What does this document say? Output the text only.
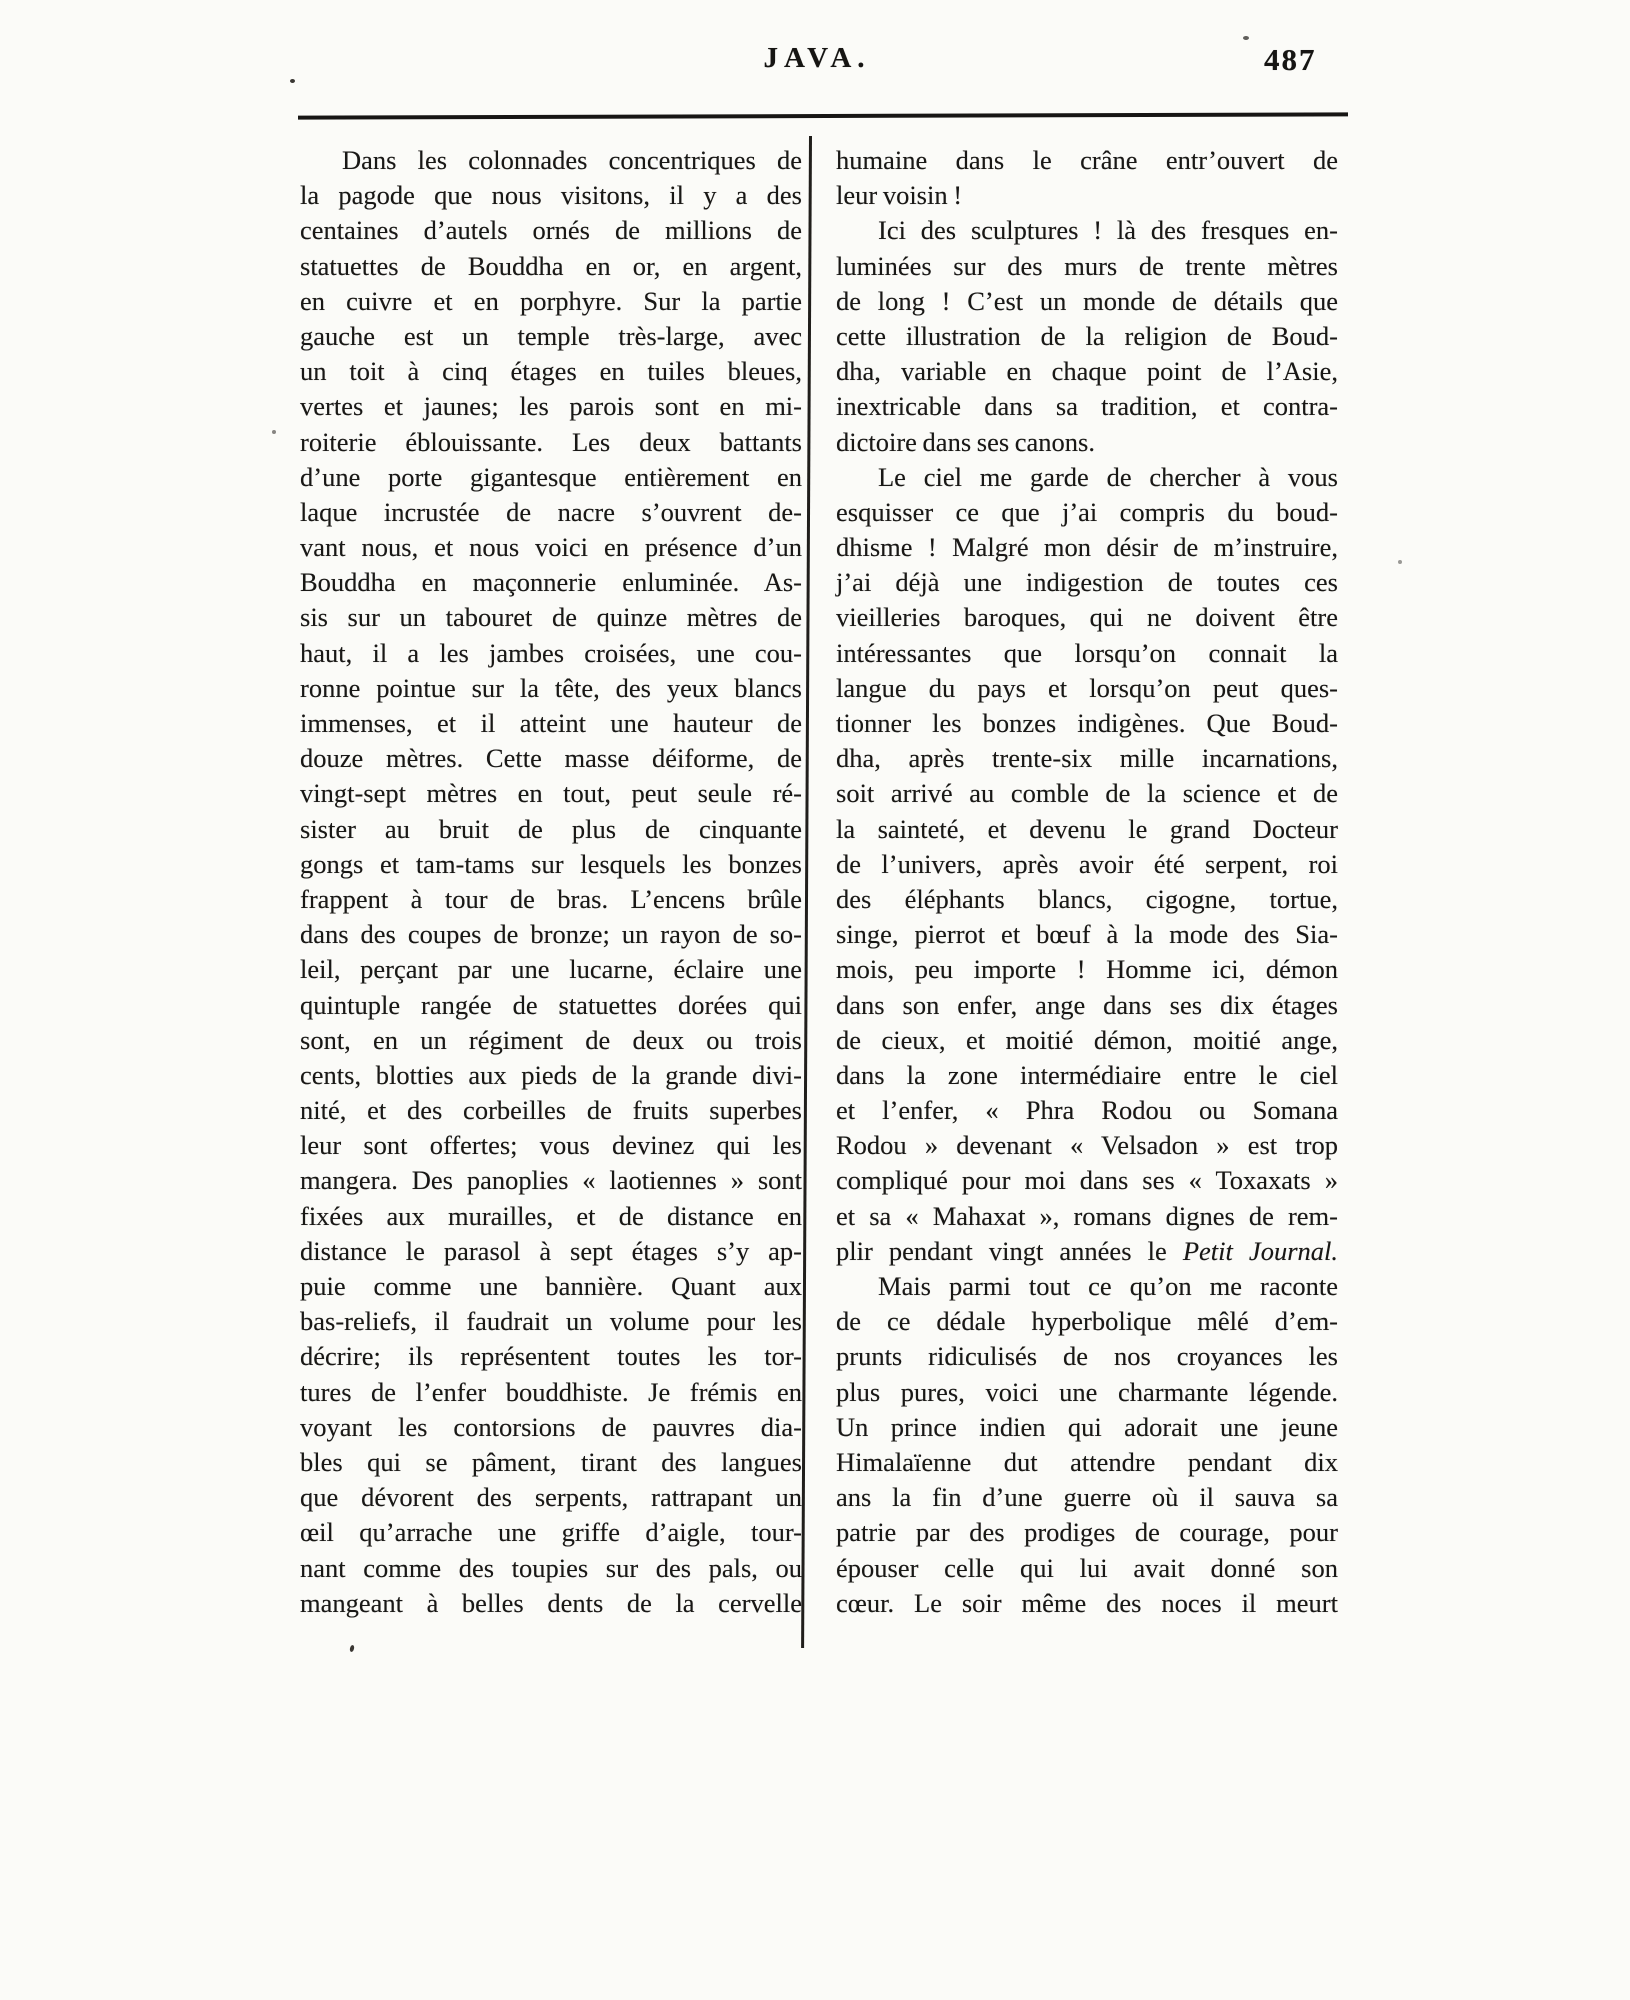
JAVA.	487
Dans les colonnades concentriques de
la pagode que nous visitons, il y a des
centaines d’autels ornés de millions de
statuettes de Bouddha en or, en argent,
en cuivre et en porphyre. Sur la partie
gauche est un temple très-large, avec
un toit à cinq étages en tuiles bleues,
vertes et jaunes; les parois sont en mi-
roiterie éblouissante. Les deux battants
d’une porte gigantesque entièrement en
laque incrustée de nacre s’ouvrent de-
vant nous, et nous voici en présence d’un
Bouddha en maçonnerie enluminée. As-
sis sur un tabouret de quinze mètres de
haut, il a les jambes croisées, une cou-
ronne pointue sur la tête, des yeux blancs
immenses, et il atteint une hauteur de
douze mètres. Cette masse déiforme, de
vingt-sept mètres en tout, peut seule ré-
sister au bruit de plus de cinquante
gongs et tam-tams sur lesquels les bonzes
frappent à tour de bras. L’encens brûle
dans des coupes de bronze; un rayon de so-
leil, perçant par une lucarne, éclaire une
quintuple rangée de statuettes dorées qui
sont, en un régiment de deux ou trois
cents, blotties aux pieds de la grande divi-
nité, et des corbeilles de fruits superbes
leur sont offertes; vous devinez qui les
mangera. Des panoplies « laotiennes » sont
fixées aux murailles, et de distance en
distance le parasol à sept étages s’y ap-
puie comme une bannière. Quant aux
bas-reliefs, il faudrait un volume pour les
décrire; ils représentent toutes les tor-
tures de l’enfer bouddhiste. Je frémis en
voyant les contorsions de pauvres dia-
bles qui se pâment, tirant des langues
que dévorent des serpents, rattrapant un
œil qu’arrache une griffe d’aigle, tour-
nant comme des toupies sur des pals, ou
mangeant à belles dents de la cervelle
humaine dans le crâne entr’ouvert de
leur voisin !
Ici des sculptures ! là des fresques en-
luminées sur des murs de trente mètres
de long ! C’est un monde de détails que
cette illustration de la religion de Boud-
dha, variable en chaque point de l’Asie,
inextricable dans sa tradition, et contra-
dictoire dans ses canons.
Le ciel me garde de chercher à vous
esquisser ce que j’ai compris du boud-
dhisme ! Malgré mon désir de m’instruire,
j’ai déjà une indigestion de toutes ces
vieilleries baroques, qui ne doivent être
intéressantes que lorsqu’on connait la
langue du pays et lorsqu’on peut ques-
tionner les bonzes indigènes. Que Boud-
dha, après trente-six mille incarnations,
soit arrivé au comble de la science et de
la sainteté, et devenu le grand Docteur
de l’univers, après avoir été serpent, roi
des éléphants blancs, cigogne, tortue,
singe, pierrot et bœuf à la mode des Sia-
mois, peu importe ! Homme ici, démon
dans son enfer, ange dans ses dix étages
de cieux, et moitié démon, moitié ange,
dans la zone intermédiaire entre le ciel
et l’enfer, « Phra Rodou ou Somana
Rodou » devenant « Velsadon » est trop
compliqué pour moi dans ses « Toxaxats »
et sa « Mahaxat », romans dignes de rem-
plir pendant vingt années le Petit Journal.
Mais parmi tout ce qu’on me raconte
de ce dédale hyperbolique mêlé d’em-
prunts ridiculisés de nos croyances les
plus pures, voici une charmante légende.
Un prince indien qui adorait une jeune
Himalaïenne dut attendre pendant dix
ans la fin d’une guerre où il sauva sa
patrie par des prodiges de courage, pour
épouser celle qui lui avait donné son
cœur. Le soir même des noces il meurt
